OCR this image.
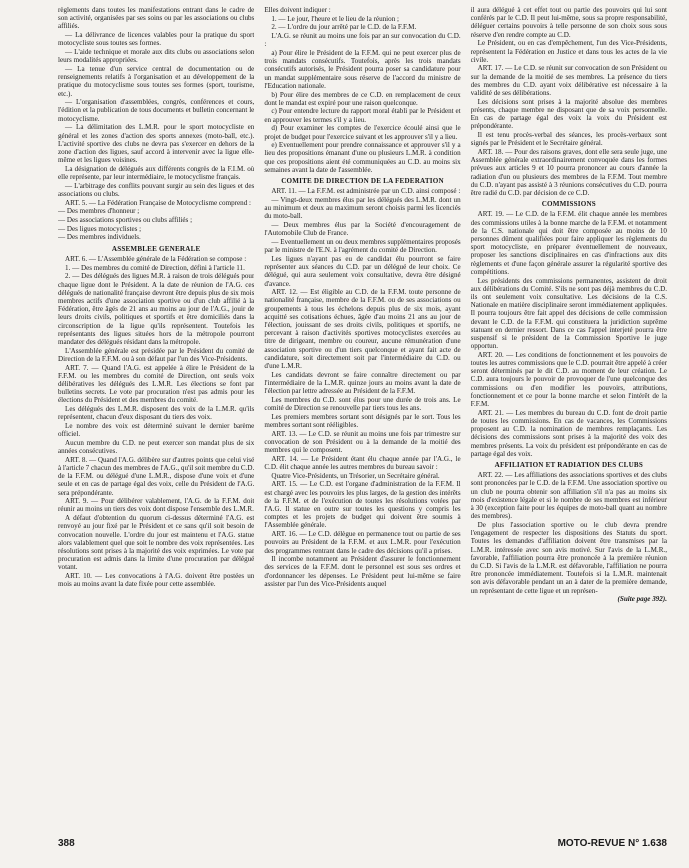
règlements dans toutes les manifestations entrant dans le cadre de son activité, organisées par ses soins ou par les associations ou clubs affiliés.

— La délivrance de licences valables pour la pratique du sport motocycliste sous toutes ses formes.

— L'aide technique et morale aux dits clubs ou associations selon leurs modalités appropriées.

— La tenue d'un service central de documentation ou de renseignements relatifs à l'organisation et au développement de la pratique du motocyclisme sous toutes ses formes (sport, tourisme, etc.).

— L'organisation d'assemblées, congrès, conférences et cours, l'édition et la publication de tous documents et bulletin concernant le motocyclisme.

— La délimitation des L.M.R. pour le sport motocycliste en général et les zones d'action des sports annexes (moto-ball, etc.). L'activité sportive des clubs ne devra pas s'exercer en dehors de la zone d'action des ligues, sauf accord à intervenir avec la ligue elle-même et les ligues voisines.

La désignation de délégués aux différents congrès de la F.I.M. où elle représente, par leur intermédiaire, le motocyclisme français.

— L'arbitrage des conflits pouvant surgir au sein des ligues et des associations ou clubs.

ART. 5. — La Fédération Française de Motocyclisme comprend :

— Des membres d'honneur ;

— Des associations sportives ou clubs affiliés ;

— Des ligues motocyclistes ;

— Des membres individuels.

ASSEMBLEE GENERALE

ART. 6. — L'Assemblée générale de la Fédération se compose :

1. — Des membres du comité de Direction, défini à l'article 11.

2. — Des délégués des ligues M.R. à raison de trois délégués pour chaque ligue dont le Président. A la date de réunion de l'A.G. ces délégués de nationalité française devront être depuis plus de six mois membres actifs d'une association sportive ou d'un club affilié à la Fédération, être âgés de 21 ans au moins au jour de l'A.G., jouir de leurs droits civils, politiques et sportifs et être domiciliés dans la circonscription de la ligue qu'ils représentent. Toutefois les représentants des ligues situées hors de la métropole pourront mandater des délégués résidant dans la métropole.

L'Assemblée générale est présidée par le Président du comité de Direction de la F.F.M. ou à son défaut par l'un des Vice-Présidents.

ART. 7. — Quand l'A.G. est appelée à élire le Président de la F.F.M. ou les membres du comité de Direction, ont seuls voix délibératives les délégués des L.M.R. Les élections se font par bulletins secrets. Le vote par procuration n'est pas admis pour les élections du Président et des membres du comité.

Les délégués des L.M.R. disposent des voix de la L.M.R. qu'ils représentent, chacun d'eux disposant du tiers des voix.

Le nombre des voix est déterminé suivant le dernier barème officiel.

Aucun membre du C.D. ne peut exercer son mandat plus de six années consécutives.

ART. 8. — Quand l'A.G. délibère sur d'autres points que celui visé à l'article 7 chacun des membres de l'A.G., qu'il soit membre du C.D. de la F.F.M. ou délégué d'une L.M.R., dispose d'une voix et d'une seule et en cas de partage égal des voix, celle du Président de l'A.G. sera prépondérante.

ART. 9. — Pour délibérer valablement, l'A.G. de la F.F.M. doit réunir au moins un tiers des voix dont dispose l'ensemble des L.M.R.

A défaut d'obtention du quorum ci-dessus déterminé l'A.G. est renvoyé au jour fixé par le Président et ce sans qu'il soit besoin de convocation nouvelle. L'ordre du jour est maintenu et l'A.G. statue alors valablement quel que soit le nombre des voix représentées. Les résolutions sont prises à la majorité des voix exprimées. Le vote par procuration est admis dans la limite d'une procuration par délégué votant.

ART. 10. — Les convocations à l'A.G. doivent être postées un mois au moins avant la date fixée pour cette assemblée.

Elles doivent indiquer :

1. — Le jour, l'heure et le lieu de la réunion ;

2. — L'ordre du jour arrêté par le C.D. de la F.F.M.

L'A.G. se réunit au moins une fois par an sur convocation du C.D. :

a) Pour élire le Président de la F.F.M. qui ne peut exercer plus de trois mandats consécutifs. Toutefois, après les trois mandats consécutifs autorisés, le Président pourra poser sa candidature pour un mandat supplémentaire sous réserve de l'accord du ministre de l'Education nationale.

b) Pour élire des membres de ce C.D. en remplacement de ceux dont le mandat est expiré pour une raison quelconque.

c) Pour entendre lecture du rapport moral établi par le Président et en approuver les termes s'il y a lieu.

d) Pour examiner les comptes de l'exercice écoulé ainsi que le projet de budget pour l'exercice suivant et les approuver s'il y a lieu.

e) Eventuellement pour prendre connaissance et approuver s'il y a lieu des propositions émanant d'une ou plusieurs L.M.R. à condition que ces propositions aient été communiquées au C.D. au moins six semaines avant la date de l'assemblée.

COMITE DE DIRECTION DE LA FEDERATION

ART. 11. — La F.F.M. est administrée par un C.D. ainsi composé :

— Vingt-deux membres élus par les délégués des L.M.R. dont un au minimum et deux au maximum seront choisis parmi les licenciés du moto-ball.

— Deux membres élus par la Société d'encouragement de l'Automobile Club de France.

— Eventuellement un ou deux membres supplémentaires proposés par le ministre de l'E.N. à l'agrément du comité de Direction.

Les ligues n'ayant pas eu de candidat élu pourront se faire représenter aux séances du C.D. par un délégué de leur choix. Ce délégué, qui aura seulement voix consultative, devra être désigné d'avance.

ART. 12. — Est éligible au C.D. de la F.F.M. toute personne de nationalité française, membre de la F.F.M. ou de ses associations ou groupements à tous les échelons depuis plus de six mois, ayant acquitté ses cotisations échues, âgée d'au moins 21 ans au jour de l'élection, jouissant de ses droits civils, politiques et sportifs, ne percevant à raison d'activités sportives motocyclistes exercées au titre de dirigeant, membre ou coureur, aucune rémunération d'une association sportive ou d'un tiers quelconque et ayant fait acte de candidature, soit directement soit par l'intermédiaire du C.D. ou d'une L.M.R.

Les candidats devront se faire connaître directement ou par l'intermédiaire de la L.M.R. quinze jours au moins avant la date de l'élection par lettre adressée au Président de la F.F.M.

Les membres du C.D. sont élus pour une durée de trois ans. Le comité de Direction se renouvelle par tiers tous les ans.

Les premiers membres sortant sont désignés par le sort. Tous les membres sortant sont rééligibles.

ART. 13. — Le C.D. se réunit au moins une fois par trimestre sur convocation de son Président ou à la demande de la moitié des membres qui le composent.

ART. 14. — Le Président étant élu chaque année par l'A.G., le C.D. élit chaque année les autres membres du bureau savoir :

Quatre Vice-Présidents, un Trésorier, un Secrétaire général.

ART. 15. — Le C.D. est l'organe d'administration de la F.F.M. Il est chargé avec les pouvoirs les plus larges, de la gestion des intérêts de la F.F.M. et de l'exécution de toutes les résolutions votées par l'A.G. Il statue en outre sur toutes les questions y compris les comptes et les projets de budget qui doivent être soumis à l'Assemblée générale.

ART. 16. — Le C.D. délègue en permanence tout ou partie de ses pouvoirs au Président de la F.F.M. et aux L.M.R. pour l'exécution des programmes rentrant dans le cadre des décisions qu'il a prises.

Il incombe notamment au Président d'assurer le fonctionnement des services de la F.F.M. dont le personnel est sous ses ordres et d'ordonnancer les dépenses. Le Président peut lui-même se faire assister par l'un des Vice-Présidents auquel

il aura délégué à cet effet tout ou partie des pouvoirs qui lui sont conférés par le C.D. Il peut lui-même, sous sa propre responsabilité, déléguer certains pouvoirs à telle personne de son choix sous sous réserve d'en rendre compte au C.D.

Le Président, ou en cas d'empêchement, l'un des Vice-Présidents, représentent la Fédération en Justice et dans tous les actes de la vie civile.

ART. 17. — Le C.D. se réunit sur convocation de son Président ou sur la demande de la moitié de ses membres. La présence du tiers des membres du C.D. ayant voix délibérative est nécessaire à la validité de ses délibérations.

Les décisions sont prises à la majorité absolue des membres présents, chaque membre ne disposant que de sa voix personnelle. En cas de partage égal des voix la voix du Président est prépondérante.

Il est tenu procès-verbal des séances, les procès-verbaux sont signés par le Président et le Secrétaire général.

ART. 18. — Pour des raisons graves, dont elle sera seule juge, une Assemblée générale extraordinairement convoquée dans les formes prévues aux articles 9 et 10 pourra prononcer au cours d'année la radiation d'un ou plusieurs des membres de la F.F.M. Tout membre du C.D. n'ayant pas assisté à 3 réunions consécutives du C.D. pourra être radié du C.D. par décision de ce C.D.

COMMISSIONS

ART. 19. — Le C.D. de la F.F.M. élit chaque année les membres des commissions utiles à la bonne marche de la F.F.M. et notamment de la C.S. nationale qui doit être composée au moins de 10 personnes dûment qualifiées pour faire appliquer les règlements du sport motocycliste, en préparer éventuellement de nouveaux, proposer les sanctions disciplinaires en cas d'infractions aux dits règlements et d'une façon générale assurer la régularité sportive des compétitions.

Les présidents des commissions permanentes, assistent de droit aux délibérations du Comité. S'ils ne sont pas déjà membres du C.D. ils ont seulement voix consultative. Les décisions de la C.S. Nationale en matière disciplinaire seront immédiatement appliquées. Il pourra toujours être fait appel des décisions de celle commission devant le C.D. de la F.F.M. qui constituera la juridiction suprême statuant en dernier ressort. Dans ce cas l'appel interjeté pourra être suspensif si le président de la Commission Sportive le juge opportun.

ART. 20. — Les conditions de fonctionnement et les pouvoirs de toutes les autres commissions que le C.D. pourrait être appelé à créer seront déterminés par le dit C.D. au moment de leur création. Le C.D. aura toujours le pouvoir de provoquer de l'une quelconque des commissions ou d'en modifier les pouvoirs, attributions, fonctionnement et ce pour la bonne marche et selon l'intérêt de la F.F.M.

ART. 21. — Les membres du bureau du C.D. font de droit partie de toutes les commissions. En cas de vacances, les Commissions proposent au C.D. la nomination de membres remplaçants. Les décisions des commissions sont prises à la majorité des voix des membres présents. La voix du président est prépondérante en cas de partage égal des voix.

AFFILIATION ET RADIATION DES CLUBS

ART. 22. — Les affiliations des associations sportives et des clubs sont prononcées par le C.D. de la F.F.M. Une association sportive ou un club ne pourra obtenir son affiliation s'il n'a pas au moins six mois d'existence légale et si le nombre de ses membres est inférieur à 30 (exception faite pour les équipes de moto-ball quant au nombre des membres).

De plus l'association sportive ou le club devra prendre l'engagement de respecter les dispositions des Statuts du sport. Toutes les demandes d'affiliation doivent être transmises par la L.M.R. intéressée avec son avis motivé. Sur l'avis de la L.M.R., favorable, l'affiliation pourra être prononcée à la première réunion du C.D. Si l'avis de la L.M.R. est défavorable, l'affiliation ne pourra être prononcée immédiatement. Toutefois si la L.M.R. maintenait son avis défavorable pendant un an à dater de la première demande, un représentant de cette ligue et un représen-

(Suite page 392).
388	MOTO-REVUE N° 1.638
